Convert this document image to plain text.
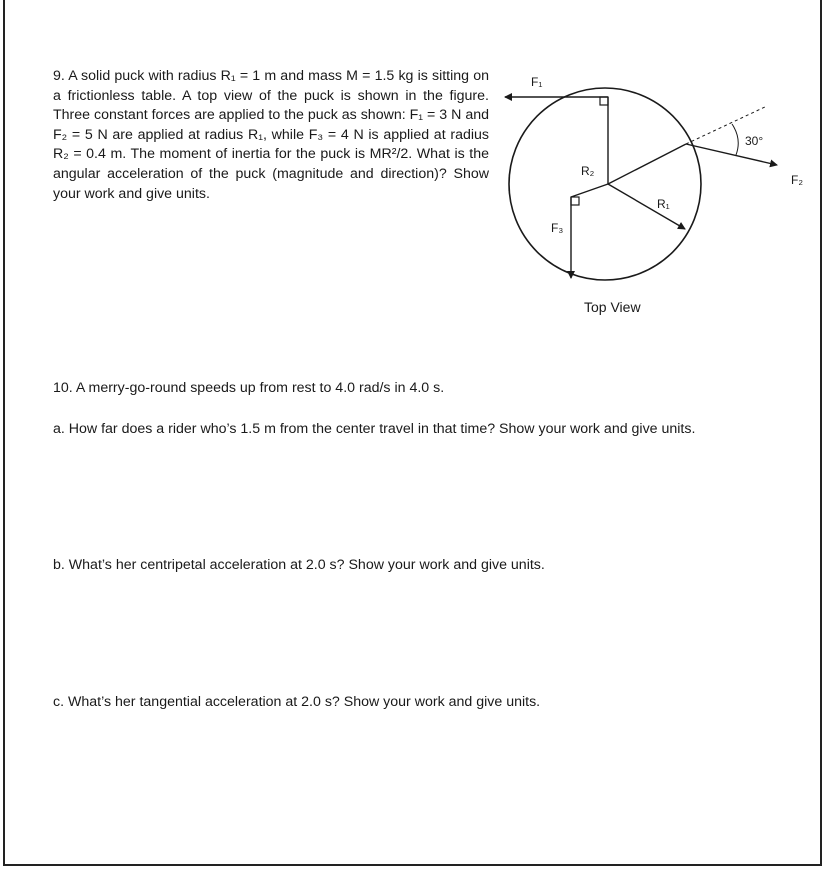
9. A solid puck with radius R₁ = 1 m and mass M = 1.5 kg is sitting on a frictionless table. A top view of the puck is shown in the figure. Three constant forces are applied to the puck as shown: F₁ = 3 N and F₂ = 5 N are applied at radius R₁, while F₃ = 4 N is applied at radius R₂ = 0.4 m. The moment of inertia for the puck is MR²/2. What is the angular acceleration of the puck (magnitude and direction)? Show your work and give units.

F₁
30°
F₂
R₁
R₂
F₃
Top View
10. A merry-go-round speeds up from rest to 4.0 rad/s in 4.0 s.
a. How far does a rider who’s 1.5 m from the center travel in that time? Show your work and give units.
b. What’s her centripetal acceleration at 2.0 s? Show your work and give units.
c. What’s her tangential acceleration at 2.0 s? Show your work and give units.
